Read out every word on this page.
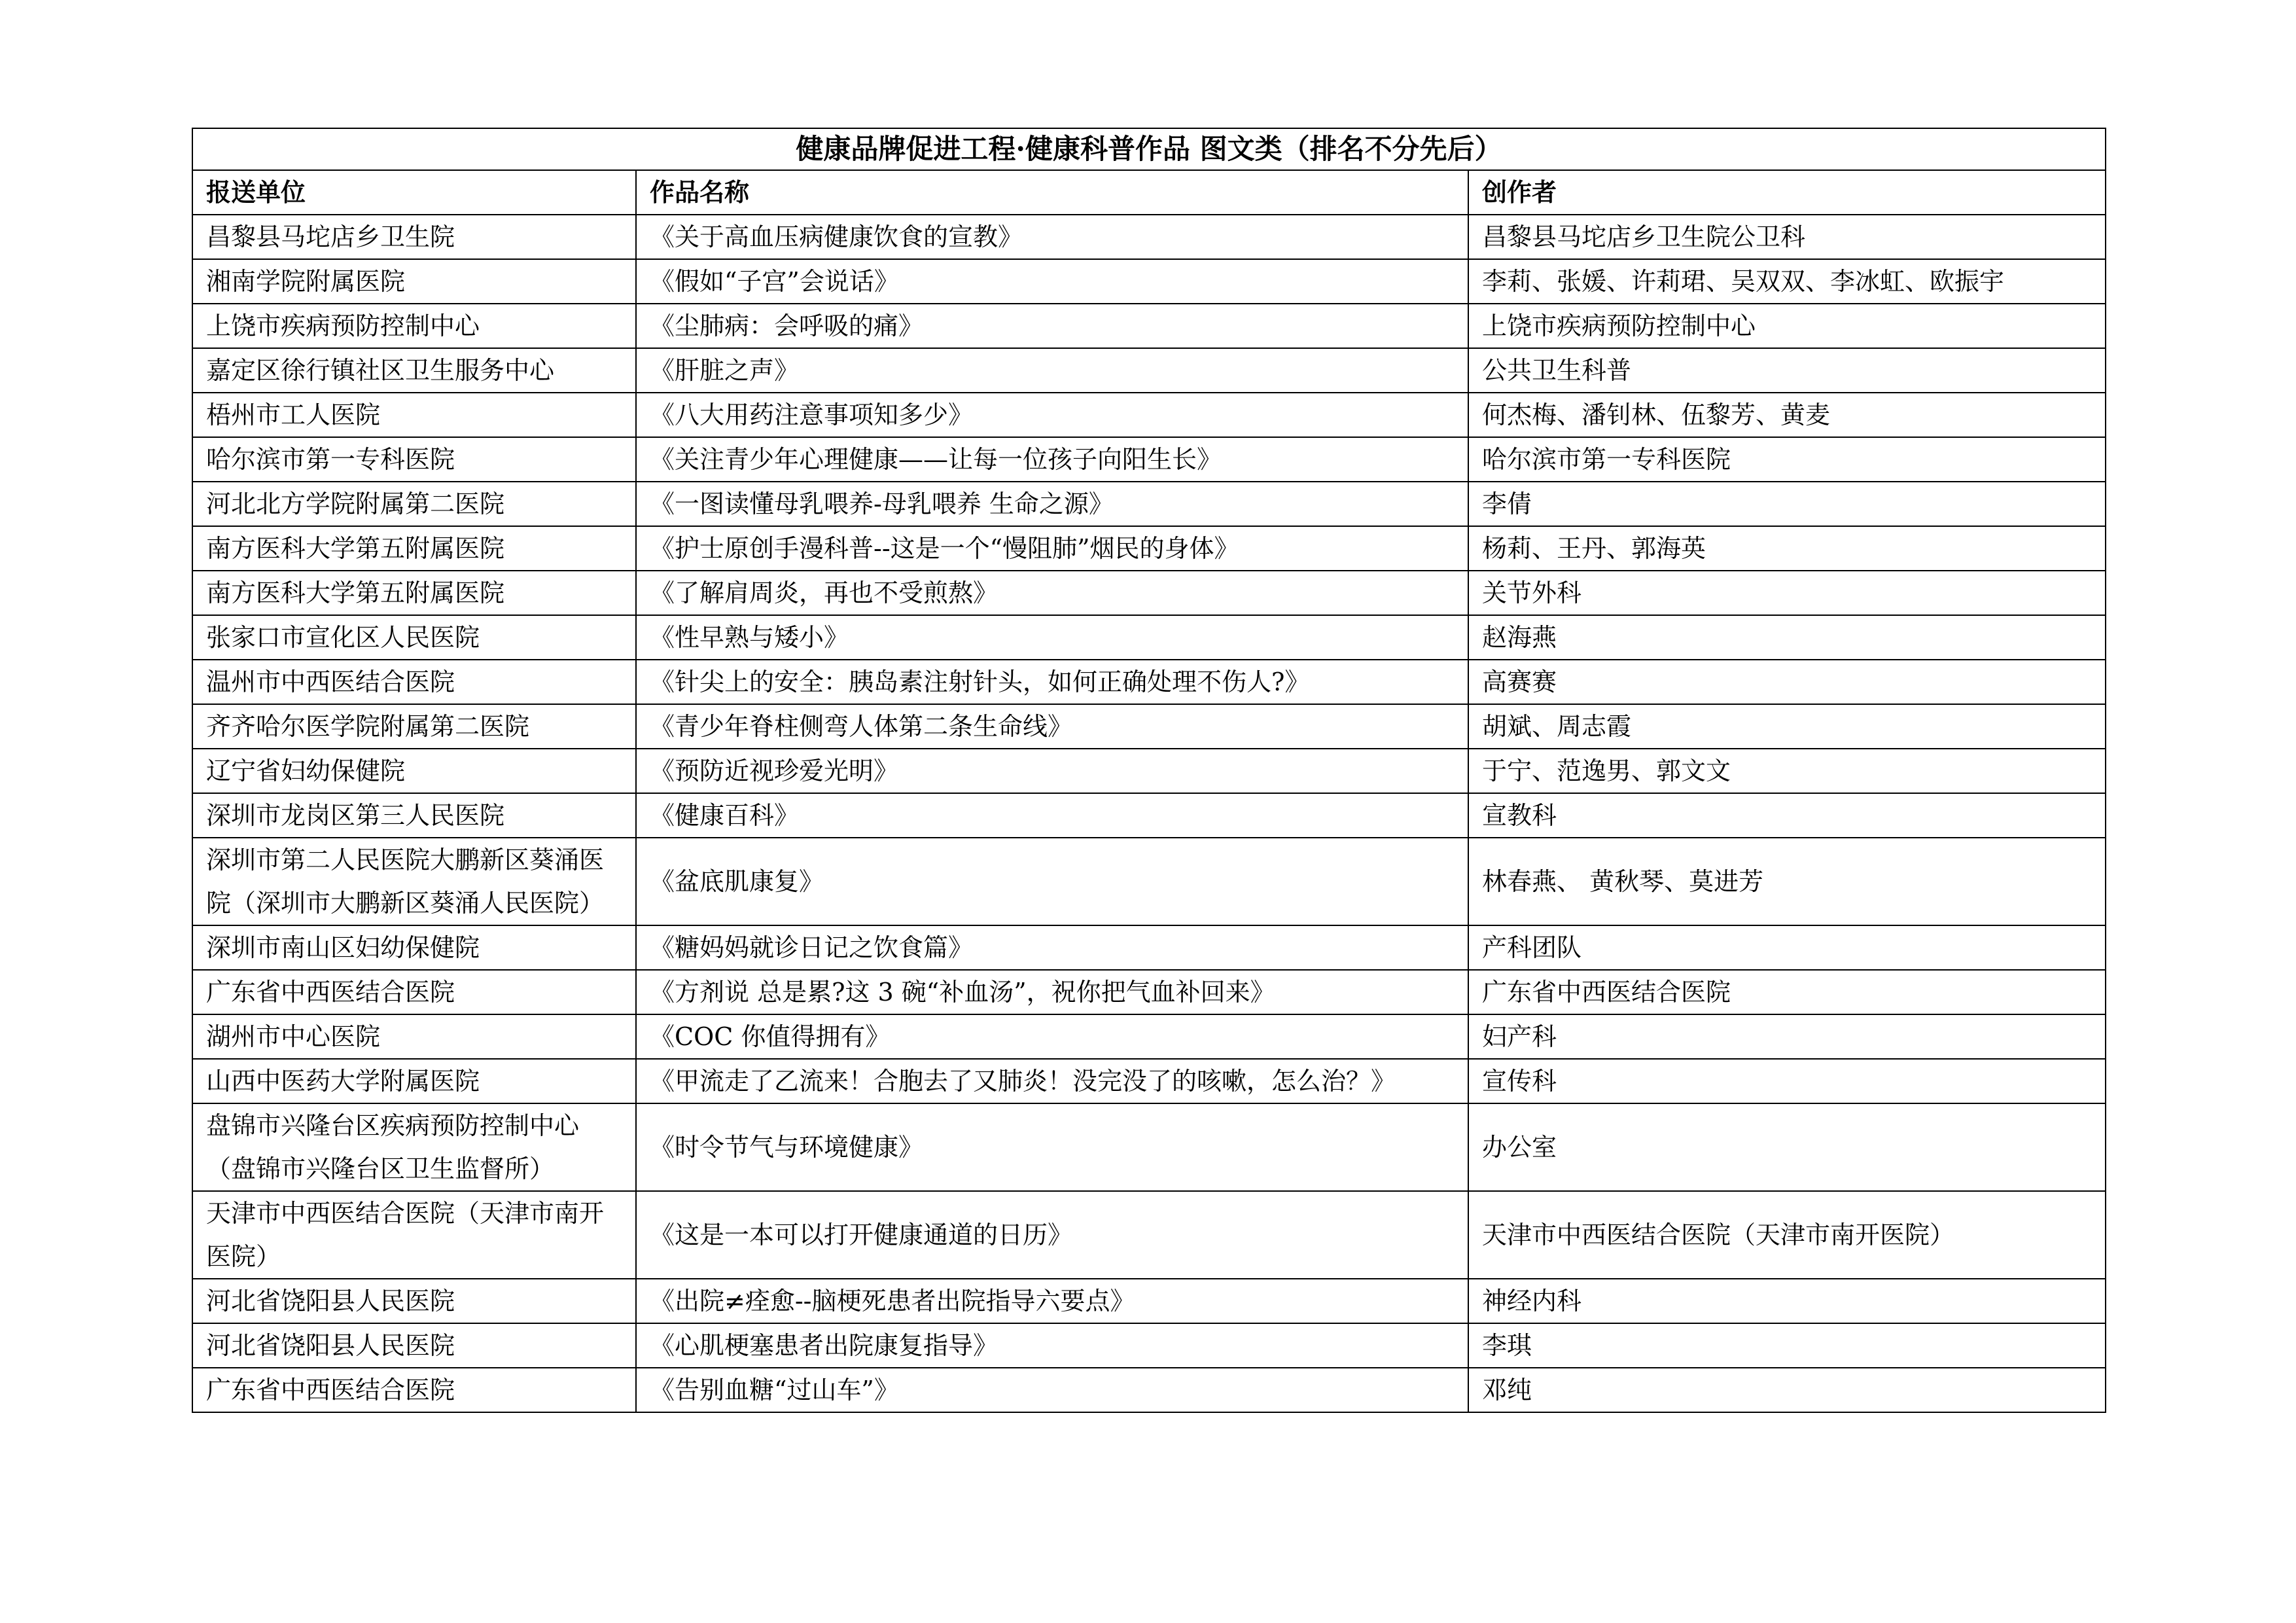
健康品牌促进工程·健康科普作品 图文类（排名不分先后）		
报送单位	作品名称	创作者
昌黎县马坨店乡卫生院	《关于高血压病健康饮食的宣教》	昌黎县马坨店乡卫生院公卫科
湘南学院附属医院	《假如“子宫”会说话》	李莉、张媛、许莉珺、吴双双、李冰虹、欧振宇
上饶市疾病预防控制中心	《尘肺病：会呼吸的痛》	上饶市疾病预防控制中心
嘉定区徐行镇社区卫生服务中心	《肝脏之声》	公共卫生科普
梧州市工人医院	《八大用药注意事项知多少》	何杰梅、潘钊林、伍黎芳、黄麦
哈尔滨市第一专科医院	《关注青少年心理健康——让每一位孩子向阳生长》	哈尔滨市第一专科医院
河北北方学院附属第二医院	《一图读懂母乳喂养-母乳喂养 生命之源》	李倩
南方医科大学第五附属医院	《护士原创手漫科普--这是一个“慢阻肺”烟民的身体》	杨莉、王丹、郭海英
南方医科大学第五附属医院	《了解肩周炎，再也不受煎熬》	关节外科
张家口市宣化区人民医院	《性早熟与矮小》	赵海燕
温州市中西医结合医院	《针尖上的安全：胰岛素注射针头，如何正确处理不伤人?》	高赛赛
齐齐哈尔医学院附属第二医院	《青少年脊柱侧弯人体第二条生命线》	胡斌、周志霞
辽宁省妇幼保健院	《预防近视珍爱光明》	于宁、范逸男、郭文文
深圳市龙岗区第三人民医院	《健康百科》	宣教科
深圳市第二人民医院大鹏新区葵涌医院（深圳市大鹏新区葵涌人民医院）	《盆底肌康复》	林春燕、 黄秋琴、莫进芳
深圳市南山区妇幼保健院	《糖妈妈就诊日记之饮食篇》	产科团队
广东省中西医结合医院	《方剂说 总是累?这 3 碗“补血汤”，祝你把气血补回来》	广东省中西医结合医院
湖州市中心医院	《COC 你值得拥有》	妇产科
山西中医药大学附属医院	《甲流走了乙流来！合胞去了又肺炎！没完没了的咳嗽，怎么治？》	宣传科
盘锦市兴隆台区疾病预防控制中心（盘锦市兴隆台区卫生监督所）	《时令节气与环境健康》	办公室
天津市中西医结合医院（天津市南开医院）	《这是一本可以打开健康通道的日历》	天津市中西医结合医院（天津市南开医院）
河北省饶阳县人民医院	《出院≠痊愈--脑梗死患者出院指导六要点》	神经内科
河北省饶阳县人民医院	《心肌梗塞患者出院康复指导》	李琪
广东省中西医结合医院	《告别血糖“过山车”》	邓纯
